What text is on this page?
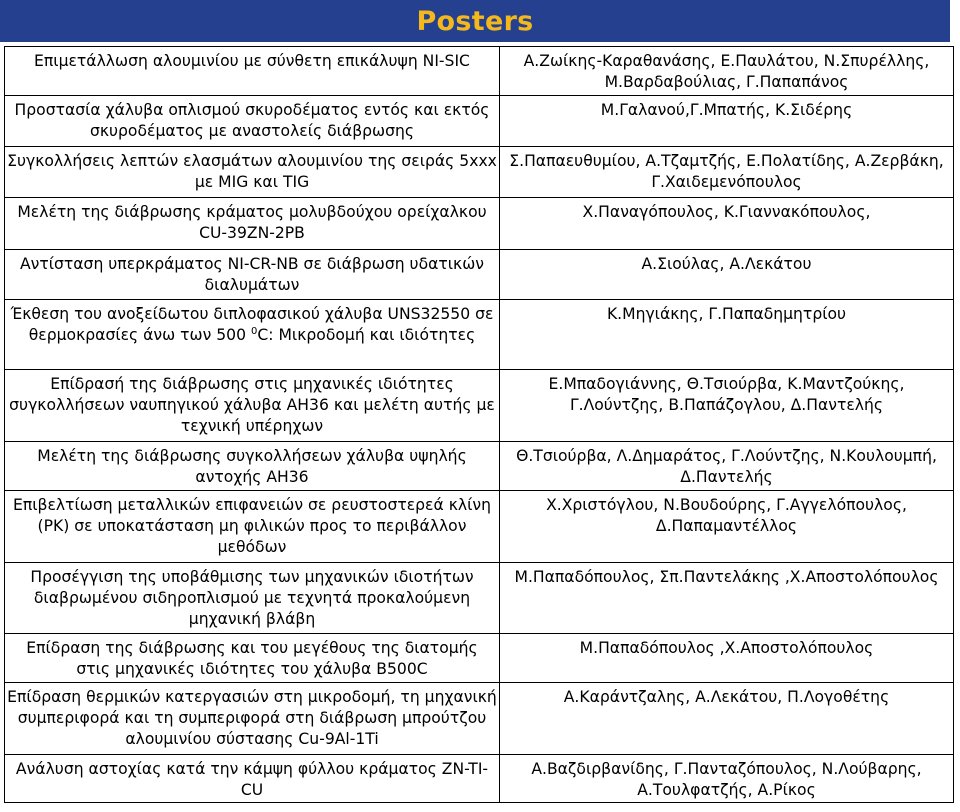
Posters
Επιμετάλλωση αλουμινίου με σύνθετη επικάλυψη NI-SIC	Α.Ζωίκης-Καραθανάσης, Ε.Παυλάτου, Ν.Σπυρέλλης, Μ.Βαρδαβούλιας, Γ.Παπαπάνος
Προστασία χάλυβα οπλισμού σκυροδέματος εντός και εκτός σκυροδέματος με αναστολείς διάβρωσης	Μ.Γαλανού,Γ.Μπατής, Κ.Σιδέρης
Συγκολλήσεις λεπτών ελασμάτων αλουμινίου της σειράς 5xxx με MIG και TIG	Σ.Παπαευθυμίου, Α.Τζαμτζής, Ε.Πολατίδης, Α.Ζερβάκη, Γ.Χαιδεμενόπουλος
Μελέτη της διάβρωσης κράματος μολυβδούχου ορείχαλκου CU-39ZN-2PB	Χ.Παναγόπουλος, Κ.Γιαννακόπουλος,
Αντίσταση υπερκράματος NI-CR-NB σε διάβρωση υδατικών διαλυμάτων	Α.Σιούλας, Α.Λεκάτου
Έκθεση του ανοξείδωτου διπλοφασικού χάλυβα UNS32550 σε θερμοκρασίες άνω των 500 $^0$C: Μικροδομή και ιδιότητες	Κ.Μηγιάκης, Γ.Παπαδημητρίου
Επίδρασή της διάβρωσης στις μηχανικές ιδιότητες συγκολλήσεων ναυπηγικού χάλυβα ΑΗ36 και μελέτη αυτής με τεχνική υπέρηχων	Ε.Μπαδογιάννης, Θ.Τσιούρβα, Κ.Μαντζούκης, Γ.Λούντζης, Β.Παπάζογλου, Δ.Παντελής
Μελέτη της διάβρωσης συγκολλήσεων χάλυβα υψηλής αντοχής AH36	Θ.Τσιούρβα, Λ.Δημαράτος, Γ.Λούντζης, Ν.Κουλουμπή, Δ.Παντελής
Επιβελτίωση μεταλλικών επιφανειών σε ρευστοστερεά κλίνη (ΡΚ) σε υποκατάσταση μη φιλικών προς το περιβάλλον μεθόδων	Χ.Χριστόγλου, Ν.Βουδούρης, Γ.Αγγελόπουλος, Δ.Παπαμαντέλλος
Προσέγγιση της υποβάθμισης των μηχανικών ιδιοτήτων διαβρωμένου σιδηροπλισμού με τεχνητά προκαλούμενη μηχανική βλάβη	Μ.Παπαδόπουλος, Σπ.Παντελάκης ,Χ.Αποστολόπουλος
Επίδραση της διάβρωσης και του μεγέθους της διατομής στις μηχανικές ιδιότητες του χάλυβα B500C	Μ.Παπαδόπουλος ,Χ.Αποστολόπουλος
Επίδραση θερμικών κατεργασιών στη μικροδομή, τη μηχανική συμπεριφορά και τη συμπεριφορά στη διάβρωση μπρούτζου αλουμινίου σύστασης Cu-9Al-1Ti	Α.Καράντζαλης, Α.Λεκάτου, Π.Λογοθέτης
Ανάλυση αστοχίας κατά την κάμψη φύλλου κράματος ZN-TI-CU	Α.Βαζδιρβανίδης, Γ.Πανταζόπουλος, Ν.Λούβαρης, Α.Τουλφατζής, Α.Ρίκος
